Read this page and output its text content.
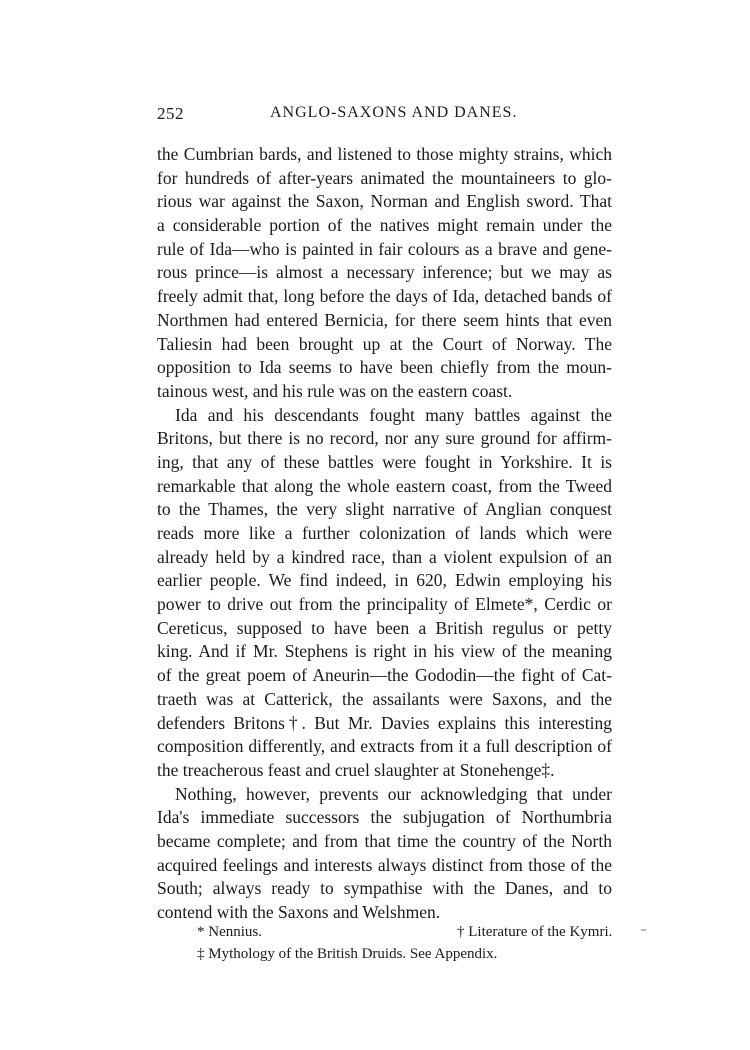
252	ANGLO-SAXONS AND DANES.
the Cumbrian bards, and listened to those mighty strains, which
for hundreds of after-years animated the mountaineers to glo-
rious war against the Saxon, Norman and English sword. That
a considerable portion of the natives might remain under the
rule of Ida—who is painted in fair colours as a brave and gene-
rous prince—is almost a necessary inference; but we may as
freely admit that, long before the days of Ida, detached bands of
Northmen had entered Bernicia, for there seem hints that even
Taliesin had been brought up at the Court of Norway. The
opposition to Ida seems to have been chiefly from the moun-
tainous west, and his rule was on the eastern coast.
Ida and his descendants fought many battles against the
Britons, but there is no record, nor any sure ground for affirm-
ing, that any of these battles were fought in Yorkshire. It is
remarkable that along the whole eastern coast, from the Tweed
to the Thames, the very slight narrative of Anglian conquest
reads more like a further colonization of lands which were
already held by a kindred race, than a violent expulsion of an
earlier people. We find indeed, in 620, Edwin employing his
power to drive out from the principality of Elmete*, Cerdic or
Cereticus, supposed to have been a British regulus or petty
king. And if Mr. Stephens is right in his view of the meaning
of the great poem of Aneurin—the Gododin—the fight of Cat-
traeth was at Catterick, the assailants were Saxons, and the
defenders Britons†. But Mr. Davies explains this interesting
composition differently, and extracts from it a full description of
the treacherous feast and cruel slaughter at Stonehenge‡.
Nothing, however, prevents our acknowledging that under
Ida's immediate successors the subjugation of Northumbria
became complete; and from that time the country of the North
acquired feelings and interests always distinct from those of the
South; always ready to sympathise with the Danes, and to
contend with the Saxons and Welshmen.
* Nennius.	† Literature of the Kymri.
‡ Mythology of the British Druids. See Appendix.
